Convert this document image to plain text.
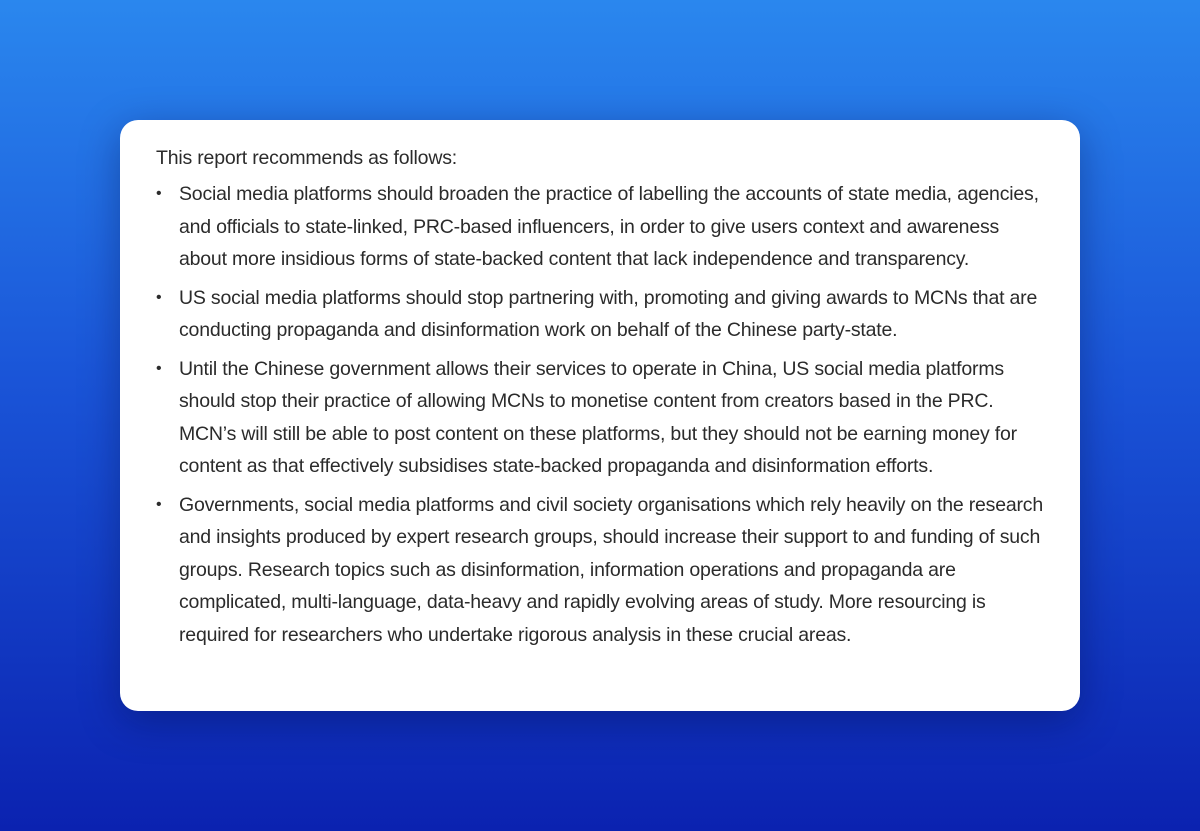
This report recommends as follows:

• Social media platforms should broaden the practice of labelling the accounts of state media, agencies, and officials to state-linked, PRC-based influencers, in order to give users context and awareness about more insidious forms of state-backed content that lack independence and transparency.
• US social media platforms should stop partnering with, promoting and giving awards to MCNs that are conducting propaganda and disinformation work on behalf of the Chinese party-state.
• Until the Chinese government allows their services to operate in China, US social media platforms should stop their practice of allowing MCNs to monetise content from creators based in the PRC. MCN’s will still be able to post content on these platforms, but they should not be earning money for content as that effectively subsidises state-backed propaganda and disinformation efforts.
• Governments, social media platforms and civil society organisations which rely heavily on the research and insights produced by expert research groups, should increase their support to and funding of such groups. Research topics such as disinformation, information operations and propaganda are complicated, multi-language, data-heavy and rapidly evolving areas of study. More resourcing is required for researchers who undertake rigorous analysis in these crucial areas.
